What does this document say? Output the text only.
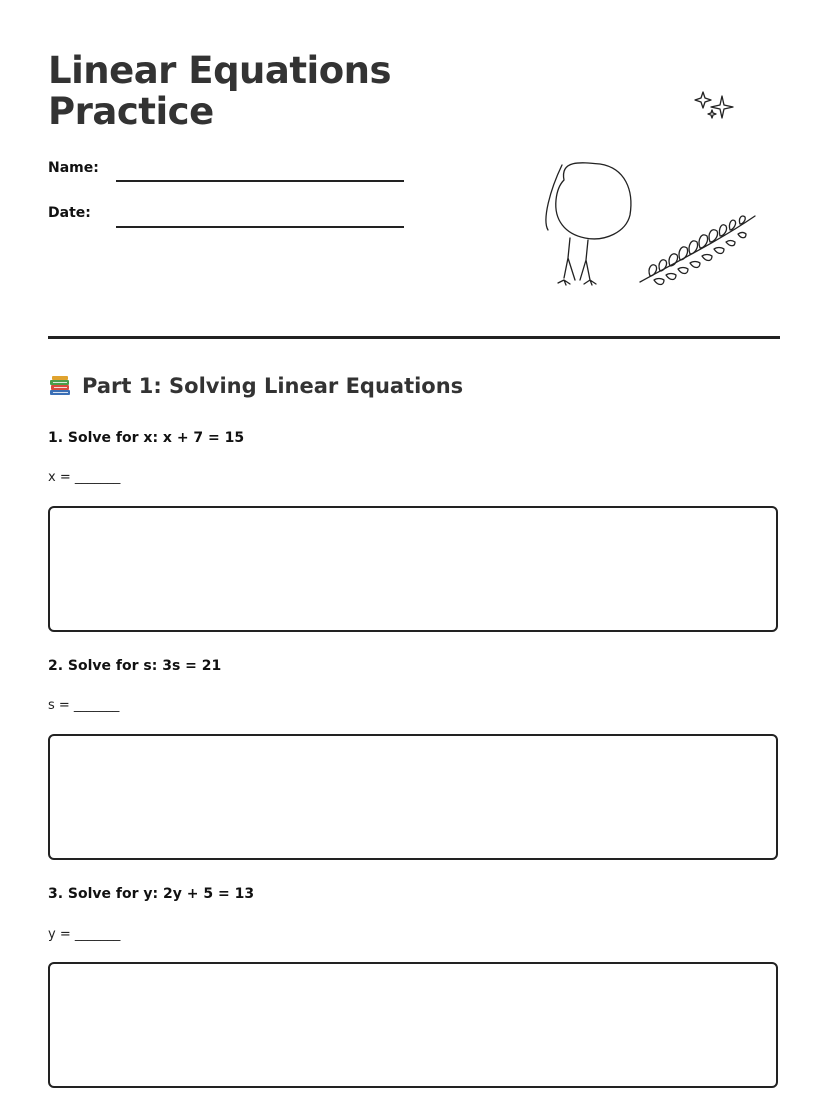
Linear Equations
Practice
Name:
Date:
Part 1: Solving Linear Equations
1. Solve for x: x + 7 = 15
x = _______
2. Solve for s: 3s = 21
s = _______
3. Solve for y: 2y + 5 = 13
y = _______
